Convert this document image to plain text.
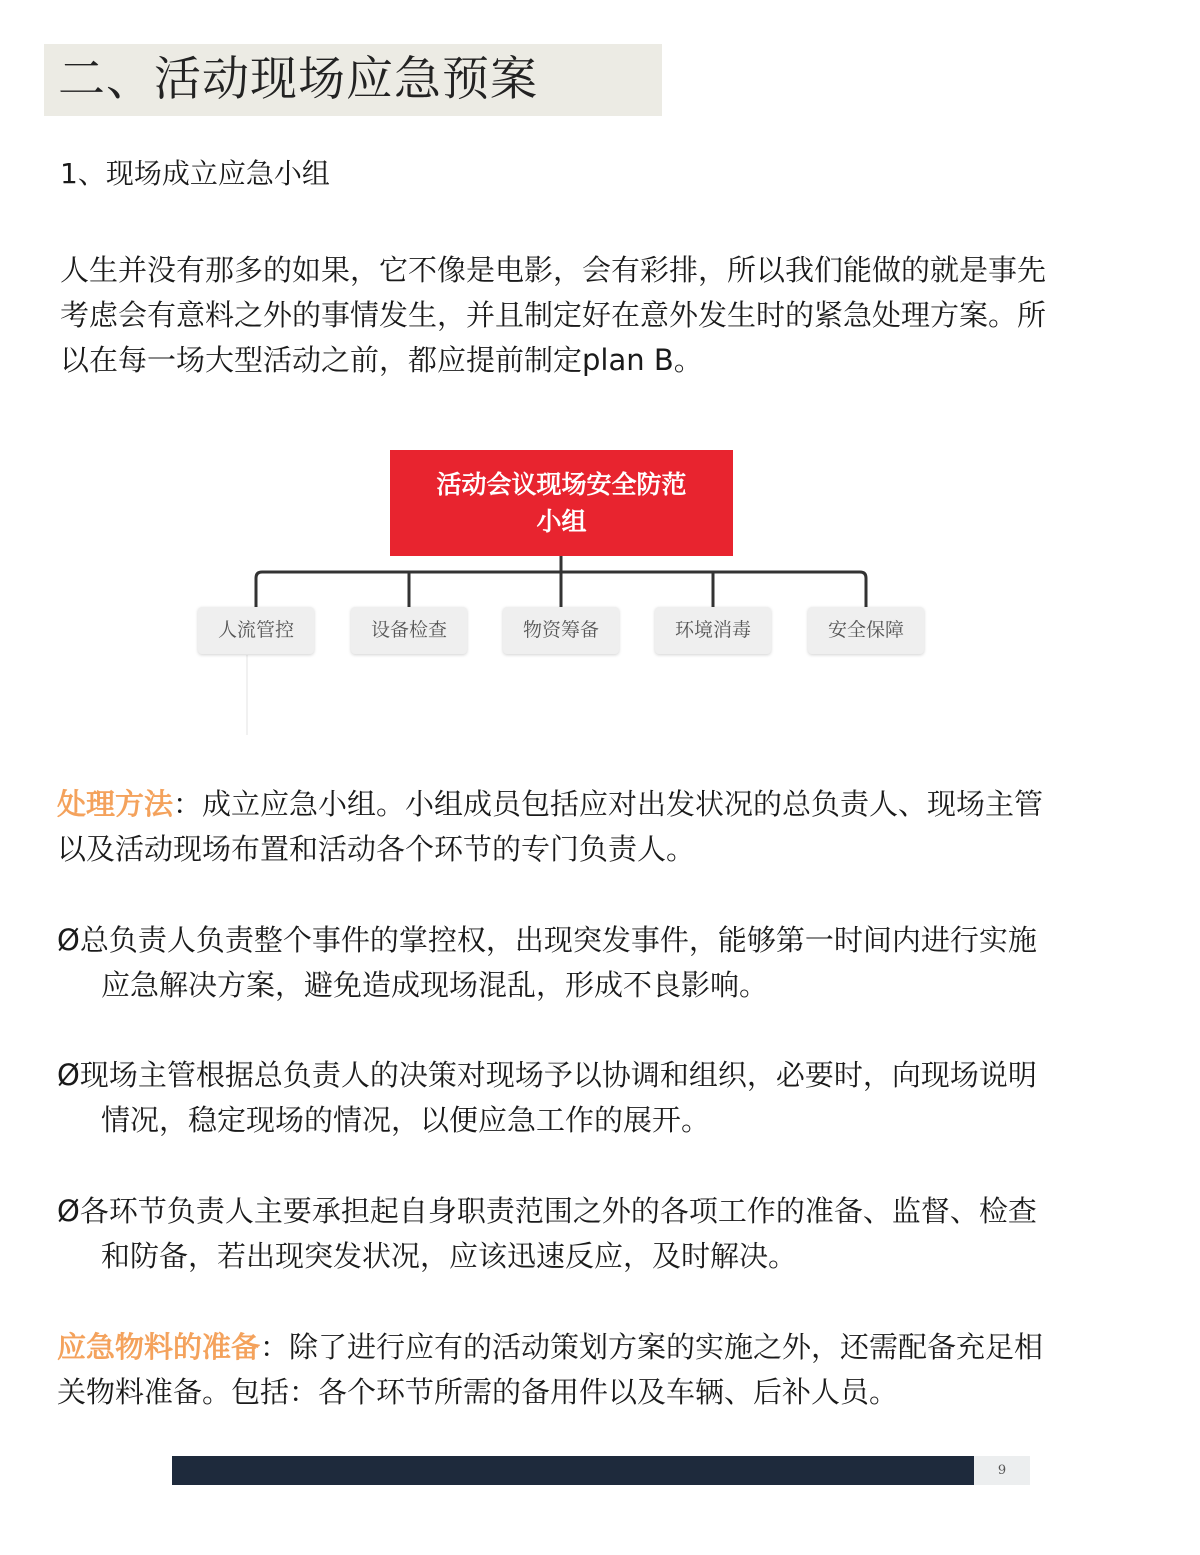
二、活动现场应急预案
1、现场成立应急小组
人生并没有那多的如果，它不像是电影，会有彩排，所以我们能做的就是事先
考虑会有意料之外的事情发生，并且制定好在意外发生时的紧急处理方案。所
以在每一场大型活动之前，都应提前制定plan B。
活动会议现场安全防范
小组
人流管控	设备检查	物资筹备	环境消毒	安全保障
处理方法：成立应急小组。小组成员包括应对出发状况的总负责人、现场主管
以及活动现场布置和活动各个环节的专门负责人。
Ø总负责人负责整个事件的掌控权，出现突发事件，能够第一时间内进行实施
应急解决方案，避免造成现场混乱，形成不良影响。
Ø现场主管根据总负责人的决策对现场予以协调和组织，必要时，向现场说明
情况，稳定现场的情况，以便应急工作的展开。
Ø各环节负责人主要承担起自身职责范围之外的各项工作的准备、监督、检查
和防备，若出现突发状况，应该迅速反应，及时解决。
应急物料的准备：除了进行应有的活动策划方案的实施之外，还需配备充足相
关物料准备。包括：各个环节所需的备用件以及车辆、后补人员。
9
